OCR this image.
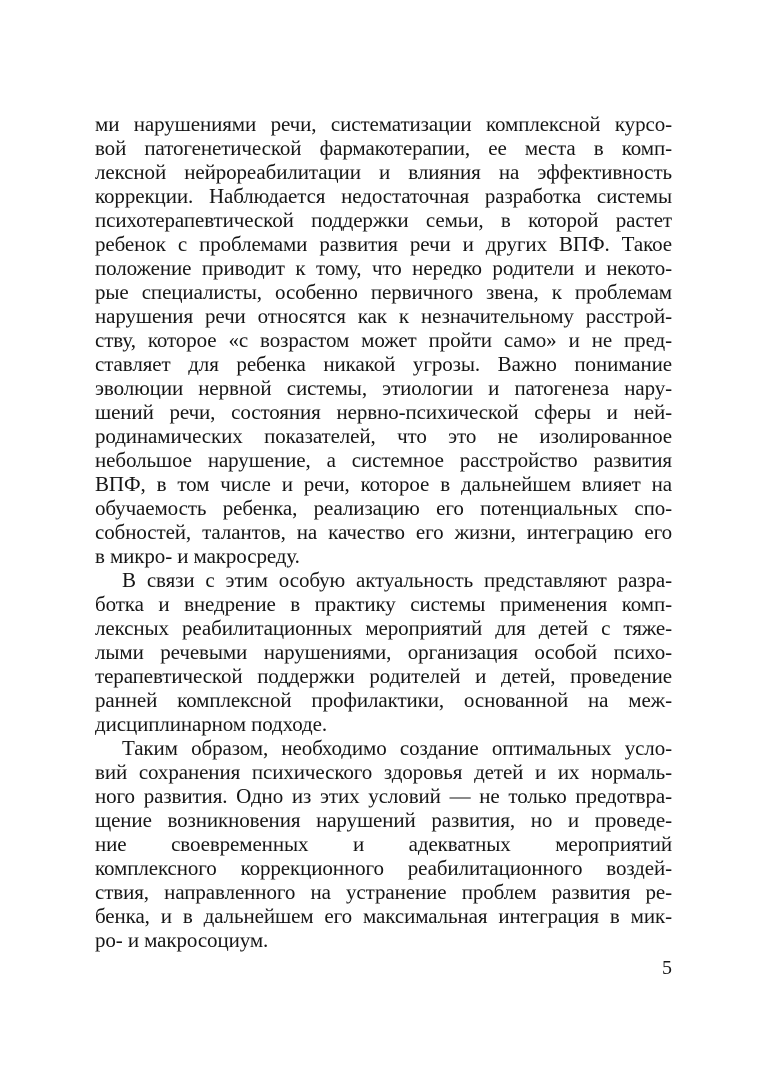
ми нарушениями речи, систематизации комплексной курсо-
вой патогенетической фармакотерапии, ее места в комп-
лексной нейрореабилитации и влияния на эффективность
коррекции. Наблюдается недостаточная разработка системы
психотерапевтической поддержки семьи, в которой растет
ребенок с проблемами развития речи и других ВПФ. Такое
положение приводит к тому, что нередко родители и некото-
рые специалисты, особенно первичного звена, к проблемам
нарушения речи относятся как к незначительному расстрой-
ству, которое «с возрастом может пройти само» и не пред-
ставляет для ребенка никакой угрозы. Важно понимание
эволюции нервной системы, этиологии и патогенеза нару-
шений речи, состояния нервно-психической сферы и ней-
родинамических показателей, что это не изолированное
небольшое нарушение, а системное расстройство развития
ВПФ, в том числе и речи, которое в дальнейшем влияет на
обучаемость ребенка, реализацию его потенциальных спо-
собностей, талантов, на качество его жизни, интеграцию его
в микро- и макросреду.
В связи с этим особую актуальность представляют разра-
ботка и внедрение в практику системы применения комп-
лексных реабилитационных мероприятий для детей с тяже-
лыми речевыми нарушениями, организация особой психо-
терапевтической поддержки родителей и детей, проведение
ранней комплексной профилактики, основанной на меж-
дисциплинарном подходе.
Таким образом, необходимо создание оптимальных усло-
вий сохранения психического здоровья детей и их нормаль-
ного развития. Одно из этих условий — не только предотвра-
щение возникновения нарушений развития, но и проведе-
ние своевременных и адекватных мероприятий
комплексного коррекционного реабилитационного воздей-
ствия, направленного на устранение проблем развития ре-
бенка, и в дальнейшем его максимальная интеграция в мик-
ро- и макросоциум.
5
